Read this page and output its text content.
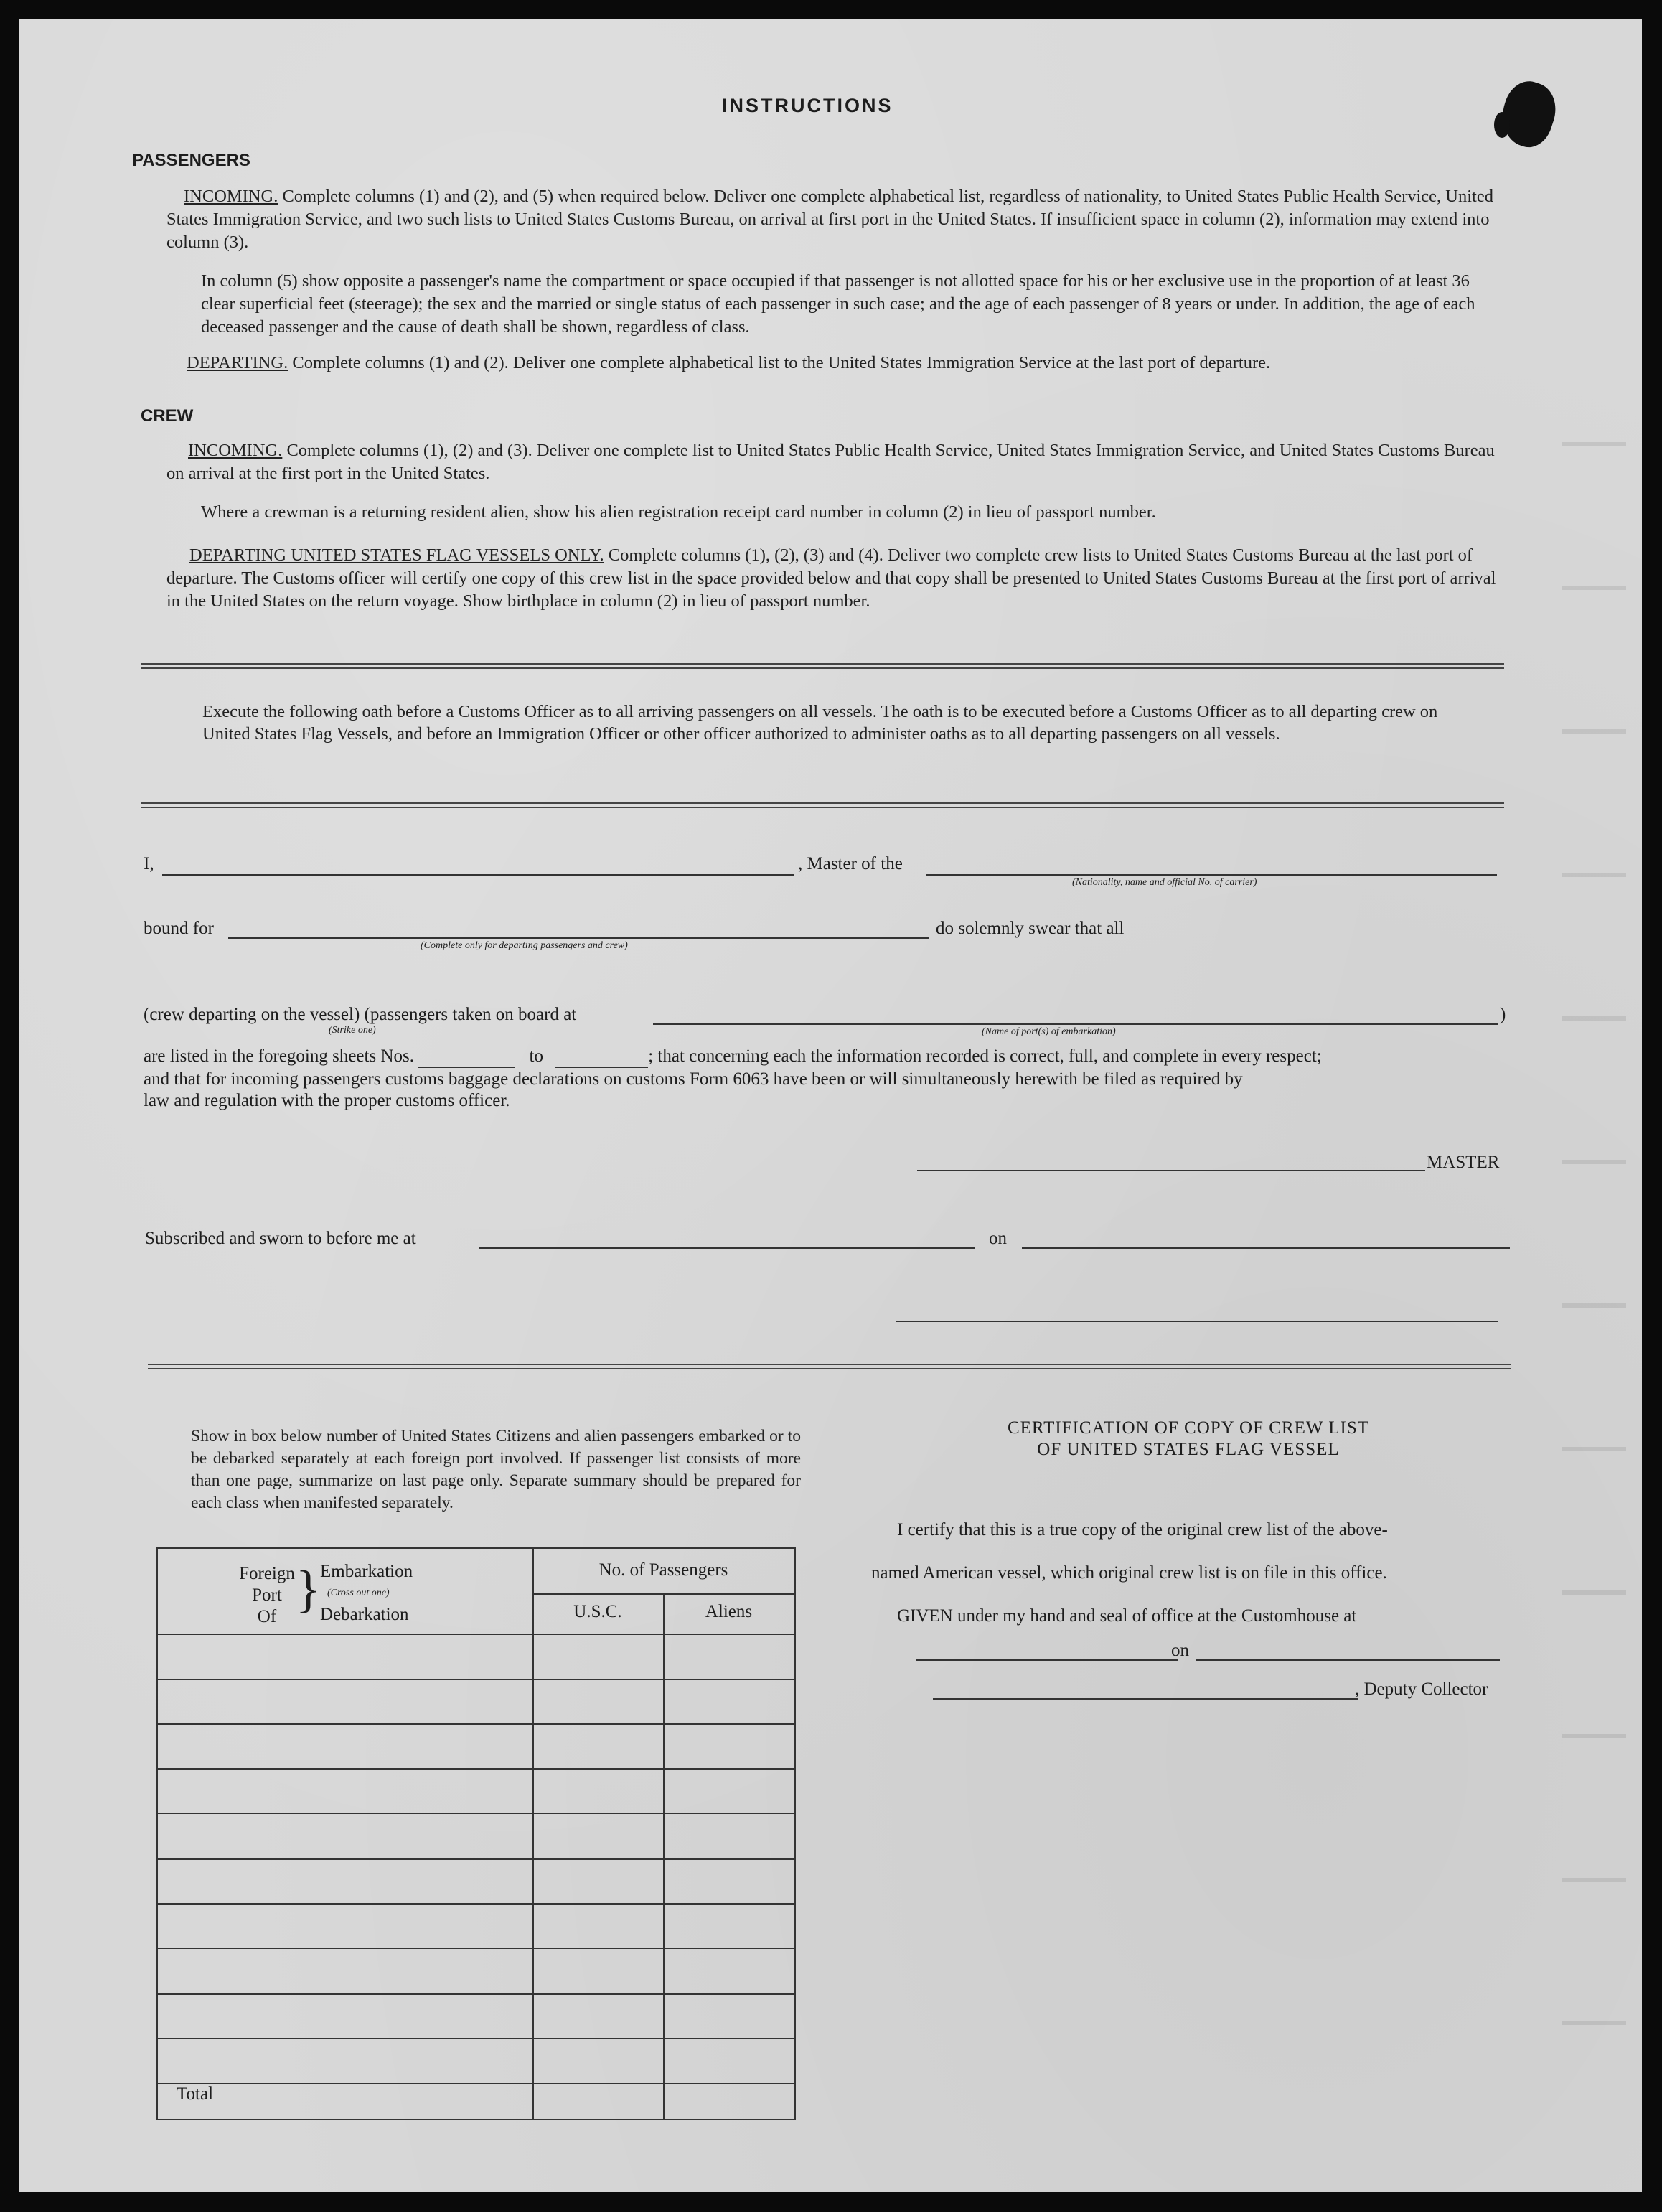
INSTRUCTIONS
PASSENGERS
INCOMING. Complete columns (1) and (2), and (5) when required below. Deliver one complete alphabetical list, regardless of nationality, to United States Public Health Service, United States Immigration Service, and two such lists to United States Customs Bureau, on arrival at first port in the United States. If insufficient space in column (2), information may extend into column (3).
In column (5) show opposite a passenger's name the compartment or space occupied if that passenger is not allotted space for his or her exclusive use in the proportion of at least 36 clear superficial feet (steerage); the sex and the married or single status of each passenger in such case; and the age of each passenger of 8 years or under. In addition, the age of each deceased passenger and the cause of death shall be shown, regardless of class.
DEPARTING. Complete columns (1) and (2). Deliver one complete alphabetical list to the United States Immigration Service at the last port of departure.
CREW
INCOMING. Complete columns (1), (2) and (3). Deliver one complete list to United States Public Health Service, United States Immigration Service, and United States Customs Bureau on arrival at the first port in the United States.
Where a crewman is a returning resident alien, show his alien registration receipt card number in column (2) in lieu of passport number.
DEPARTING UNITED STATES FLAG VESSELS ONLY. Complete columns (1), (2), (3) and (4). Deliver two complete crew lists to United States Customs Bureau at the last port of departure. The Customs officer will certify one copy of this crew list in the space provided below and that copy shall be presented to United States Customs Bureau at the first port of arrival in the United States on the return voyage. Show birthplace in column (2) in lieu of passport number.
Execute the following oath before a Customs Officer as to all arriving passengers on all vessels. The oath is to be executed before a Customs Officer as to all departing crew on United States Flag Vessels, and before an Immigration Officer or other officer authorized to administer oaths as to all departing passengers on all vessels.
I,	, Master of the
(Nationality, name and official No. of carrier)
bound for
(Complete only for departing passengers and crew)
do solemnly swear that all
(crew departing on the vessel) (passengers taken on board at
(Strike one)
)
(Name of port(s) of embarkation)
are listed in the foregoing sheets Nos.	to	; that concerning each the information recorded is correct, full, and complete in every respect;
and that for incoming passengers customs baggage declarations on customs Form 6063 have been or will simultaneously herewith be filed as required by
law and regulation with the proper customs officer.
MASTER
Subscribed and sworn to before me at	on
Show in box below number of United States Citizens and alien passengers embarked or to be debarked separately at each foreign port involved. If passenger list consists of more than one page, summarize on last page only. Separate summary should be prepared for each class when manifested separately.
Foreign
Port
Of } Embarkation
(Cross out one)
Debarkation
No. of Passengers
U.S.C.	Aliens
Total
CERTIFICATION OF COPY OF CREW LIST
OF UNITED STATES FLAG VESSEL
I certify that this is a true copy of the original crew list of the above-
named American vessel, which original crew list is on file in this office.
GIVEN under my hand and seal of office at the Customhouse at
on
, Deputy Collector
